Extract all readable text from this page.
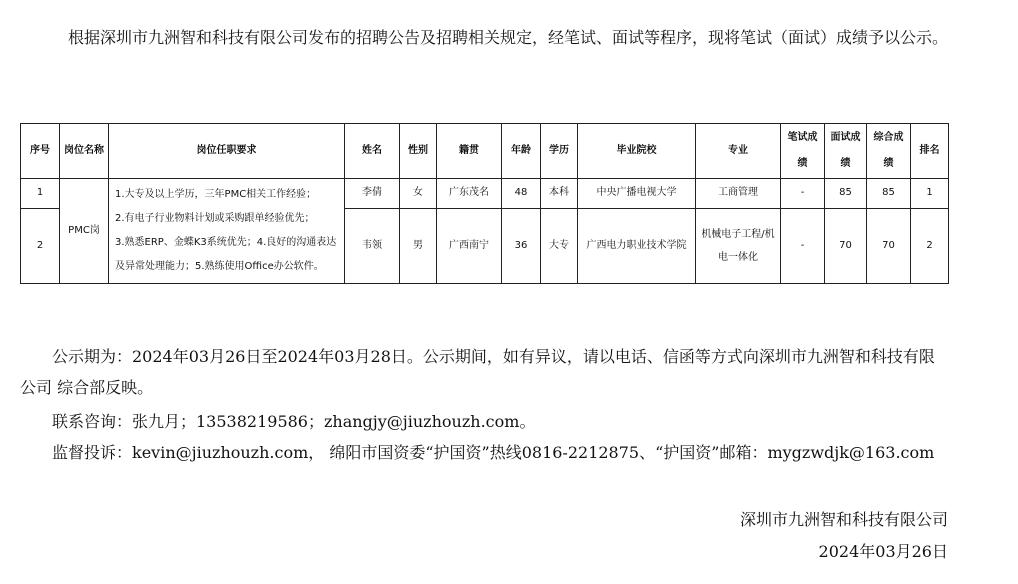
根据深圳市九洲智和科技有限公司发布的招聘公告及招聘相关规定，经笔试、面试等程序，现将笔试（面试）成绩予以公示。

序号	岗位名称	岗位任职要求	姓名	性别	籍贯	年龄	学历	毕业院校	专业	笔试成绩	面试成绩	综合成绩	排名
1	PMC岗	1.大专及以上学历，三年PMC相关工作经验；

2.有电子行业物料计划或采购跟单经验优先；

3.熟悉ERP、金蝶K3系统优先；4.良好的沟通表达及异常处理能力；5.熟练使用Office办公软件。	李倩	女	广东茂名	48	本科	中央广播电视大学	工商管理	-	85	85	1
2			韦领	男	广西南宁	36	大专	广西电力职业技术学院	机械电子工程/机电一体化	-	70	70	2

公示期为：2024年03月26日至2024年03月28日。公示期间，如有异议，请以电话、信函等方式向深圳市九洲智和科技有限公司 综合部反映。

联系咨询：张九月；13538219586；zhangjy@jiuzhouzh.com。

监督投诉：kevin@jiuzhouzh.com， 绵阳市国资委“护国资”热线0816-2212875、“护国资”邮箱：mygzwdjk@163.com

深圳市九洲智和科技有限公司

2024年03月26日
